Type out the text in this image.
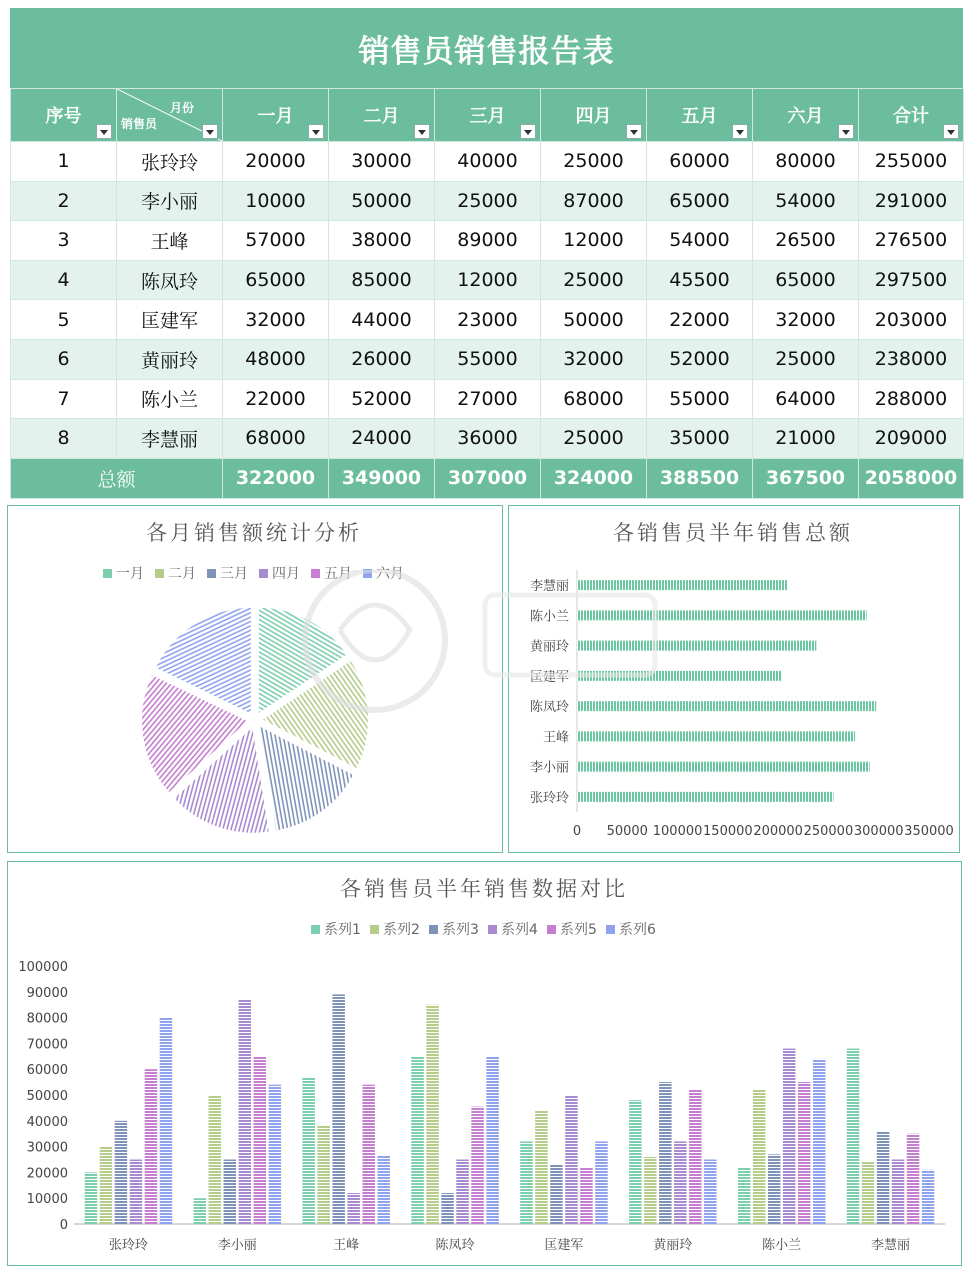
销售员销售报告表
序号	月份
销售员	一月	二月	三月	四月	五月	六月	合计

1	张玲玲	20000	30000	40000	25000	60000	80000	255000
2	李小丽	10000	50000	25000	87000	65000	54000	291000
3	王峰	57000	38000	89000	12000	54000	26500	276500
4	陈凤玲	65000	85000	12000	25000	45500	65000	297500
5	匡建军	32000	44000	23000	50000	22000	32000	203000
6	黄丽玲	48000	26000	55000	32000	52000	25000	238000
7	陈小兰	22000	52000	27000	68000	55000	64000	288000
8	李慧丽	68000	24000	36000	25000	35000	21000	209000
总额		322000	349000	307000	324000	388500	367500	2058000
各月销售额统计分析
一月 二月 三月 四月 五月 六月
各销售员半年销售总额
张玲玲
李小丽
王峰
陈凤玲
匡建军
黄丽玲
陈小兰
李慧丽
0 50000 100000 150000 200000 250000 300000 350000
各销售员半年销售数据对比
系列1 系列2 系列3 系列4 系列5 系列6
0
10000
20000
30000
40000
50000
60000
70000
80000
90000
100000
张玲玲	李小丽	王峰	陈凤玲	匡建军	黄丽玲	陈小兰	李慧丽
